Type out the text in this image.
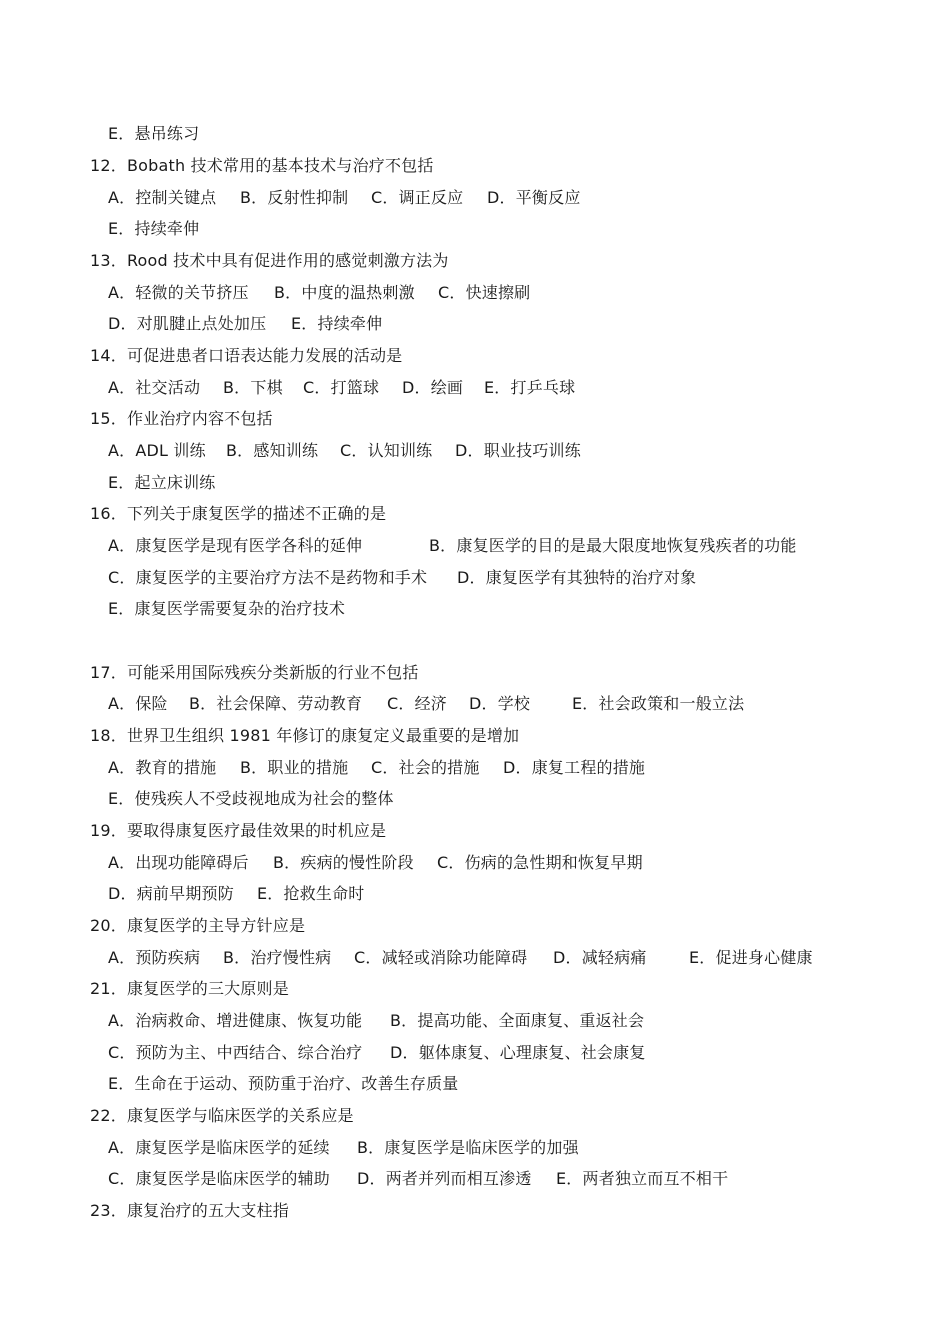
E．悬吊练习
12．Bobath 技术常用的基本技术与治疗不包括
A．控制关键点 B．反射性抑制 C．调正反应 D．平衡反应
E．持续牵伸
13．Rood 技术中具有促进作用的感觉刺激方法为
A．轻微的关节挤压 B．中度的温热刺激 C．快速擦刷
D．对肌腱止点处加压 E．持续牵伸
14．可促进患者口语表达能力发展的活动是
A．社交活动 B．下棋 C．打篮球 D．绘画 E．打乒乓球
15．作业治疗内容不包括
A．ADL 训练 B．感知训练 C．认知训练 D．职业技巧训练
E．起立床训练
16．下列关于康复医学的描述不正确的是
A．康复医学是现有医学各科的延伸	B．康复医学的目的是最大限度地恢复残疾者的功能
C．康复医学的主要治疗方法不是药物和手术 D．康复医学有其独特的治疗对象
E．康复医学需要复杂的治疗技术
17．可能采用国际残疾分类新版的行业不包括
A．保险 B．社会保障、劳动教育 C．经济 D．学校	E．社会政策和一般立法
18．世界卫生组织 1981 年修订的康复定义最重要的是增加
A．教育的措施 B．职业的措施 C．社会的措施 D．康复工程的措施
E．使残疾人不受歧视地成为社会的整体
19．要取得康复医疗最佳效果的时机应是
A．出现功能障碍后 B．疾病的慢性阶段 C．伤病的急性期和恢复早期
D．病前早期预防 E．抢救生命时
20．康复医学的主导方针应是
A．预防疾病 B．治疗慢性病 C．减轻或消除功能障碍 D．减轻病痛	E．促进身心健康
21．康复医学的三大原则是
A．治病救命、增进健康、恢复功能 B．提高功能、全面康复、重返社会
C．预防为主、中西结合、综合治疗 D．躯体康复、心理康复、社会康复
E．生命在于运动、预防重于治疗、改善生存质量
22．康复医学与临床医学的关系应是
A．康复医学是临床医学的延续 B．康复医学是临床医学的加强
C．康复医学是临床医学的辅助 D．两者并列而相互渗透 E．两者独立而互不相干
23．康复治疗的五大支柱指
